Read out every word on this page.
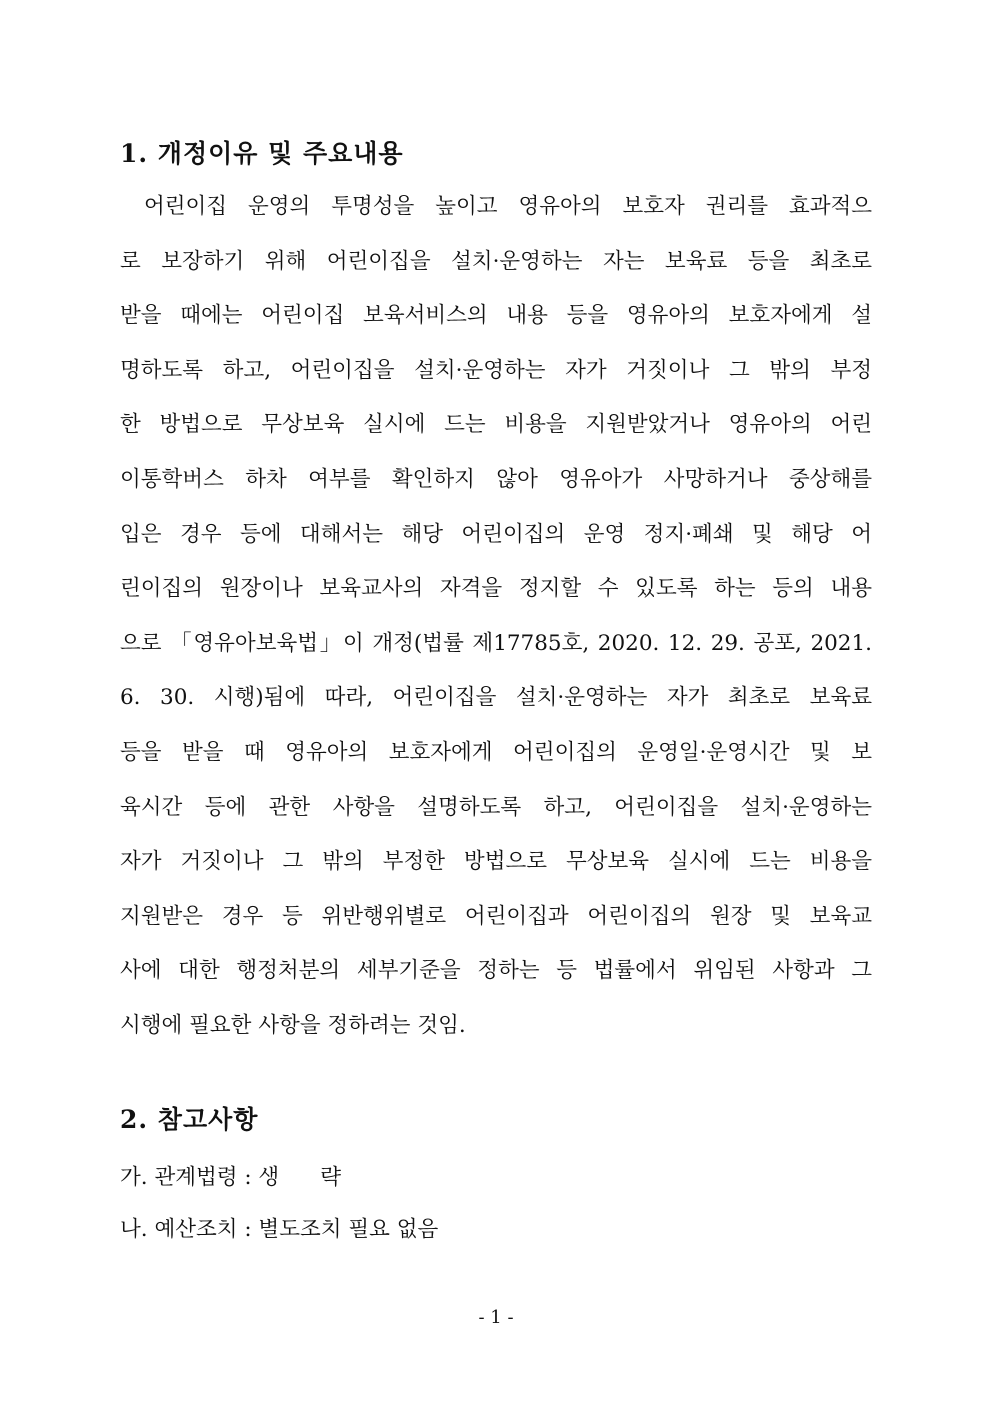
1. 개정이유 및 주요내용
어린이집 운영의 투명성을 높이고 영유아의 보호자 권리를 효과적으
로 보장하기 위해 어린이집을 설치·운영하는 자는 보육료 등을 최초로
받을 때에는 어린이집 보육서비스의 내용 등을 영유아의 보호자에게 설
명하도록 하고, 어린이집을 설치·운영하는 자가 거짓이나 그 밖의 부정
한 방법으로 무상보육 실시에 드는 비용을 지원받았거나 영유아의 어린
이통학버스 하차 여부를 확인하지 않아 영유아가 사망하거나 중상해를
입은 경우 등에 대해서는 해당 어린이집의 운영 정지·폐쇄 및 해당 어
린이집의 원장이나 보육교사의 자격을 정지할 수 있도록 하는 등의 내용
으로 「영유아보육법」이 개정(법률 제17785호, 2020. 12. 29. 공포, 2021.
6. 30. 시행)됨에 따라, 어린이집을 설치·운영하는 자가 최초로 보육료
등을 받을 때 영유아의 보호자에게 어린이집의 운영일·운영시간 및 보
육시간 등에 관한 사항을 설명하도록 하고, 어린이집을 설치·운영하는
자가 거짓이나 그 밖의 부정한 방법으로 무상보육 실시에 드는 비용을
지원받은 경우 등 위반행위별로 어린이집과 어린이집의 원장 및 보육교
사에 대한 행정처분의 세부기준을 정하는 등 법률에서 위임된 사항과 그
시행에 필요한 사항을 정하려는 것임.
2. 참고사항
가. 관계법령 : 생      략
나. 예산조치 : 별도조치 필요 없음
- 1 -
